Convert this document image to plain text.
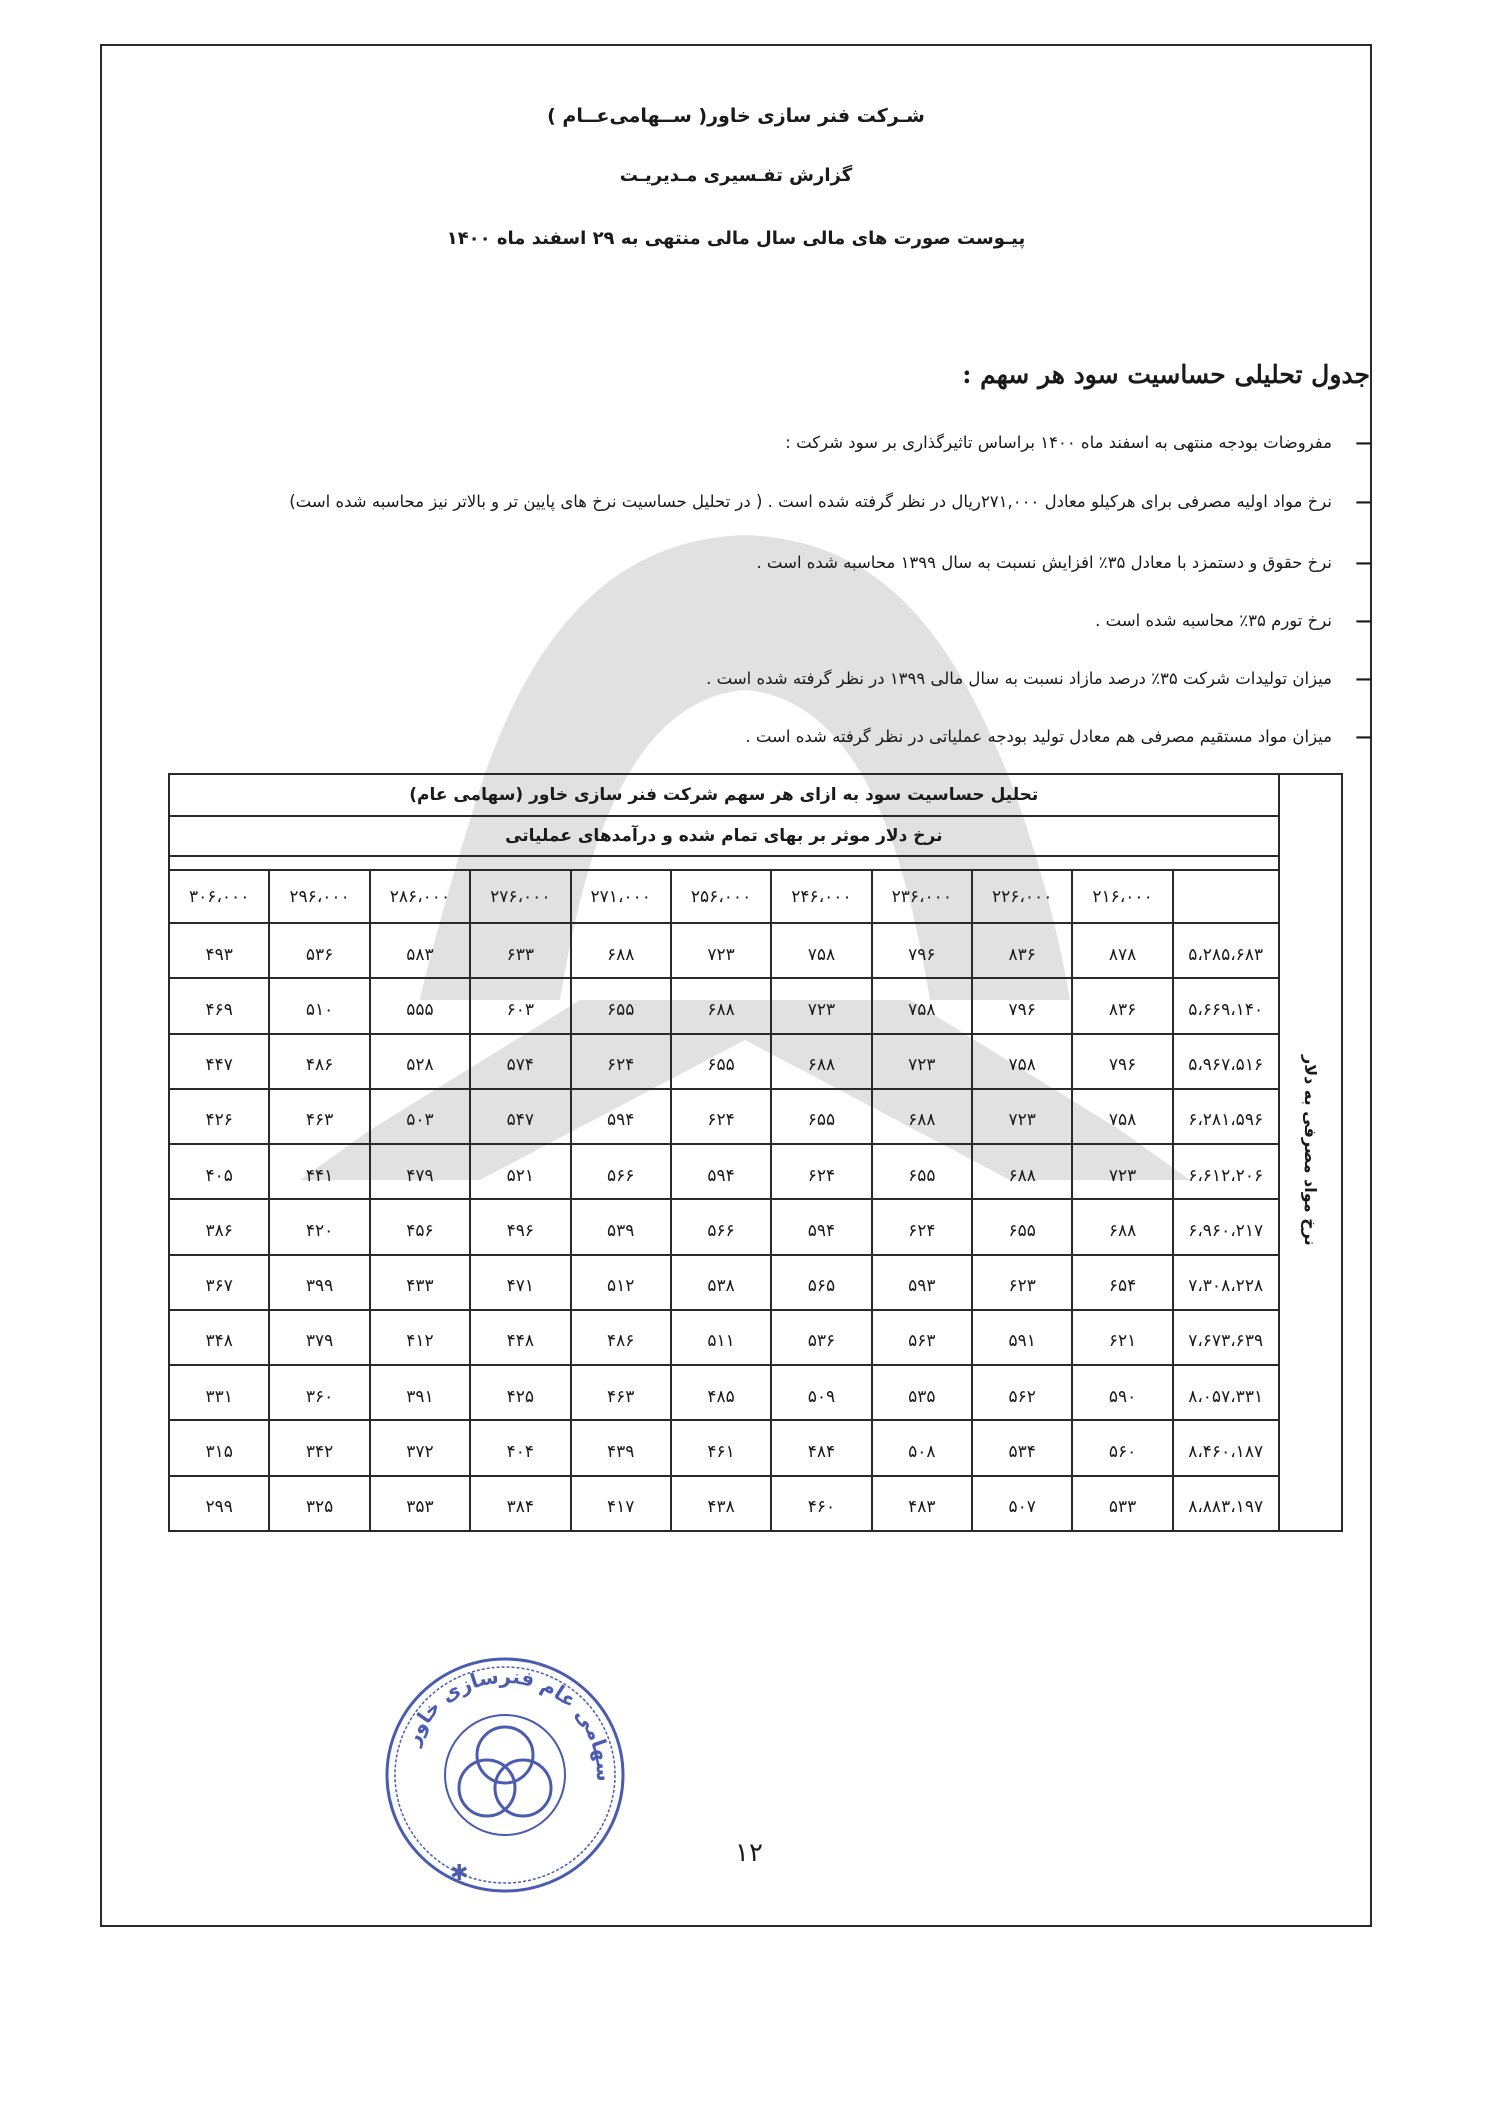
شـرکت فنر سازی خاور( ســهامی‌عــام )
گزارش تفـسیری مـدیریـت
پیـوست صورت های مالی سال مالی منتهی به ۲۹ اسفند ماه ۱۴۰۰
جدول تحلیلی حساسیت سود هر سهم :
—مفروضات بودجه منتهی به اسفند ماه ۱۴۰۰ براساس تاثیرگذاری بر سود شرکت :
—نرخ مواد اولیه مصرفی برای هرکیلو معادل ۲۷۱,۰۰۰ریال در نظر گرفته شده است . ( در تحلیل حساسیت نرخ های پایین تر و بالاتر نیز محاسبه شده است)
—نرخ حقوق و دستمزد با معادل ۳۵٪ افزایش نسبت به سال ۱۳۹۹ محاسبه شده است .
—نرخ تورم ۳۵٪ محاسبه شده است .
—میزان تولیدات شرکت ۳۵٪ درصد مازاد نسبت به سال مالی ۱۳۹۹ در نظر گرفته شده است .
—میزان مواد مستقیم مصرفی هم معادل تولید بودجه عملیاتی در نظر گرفته شده است .
تحلیل حساسیت سود به ازای هر سهم شرکت فنر سازی خاور (سهامی عام)											نرخ مواد مصرفی به دلار
نرخ دلار موثر بر بهای تمام شده و درآمدهای عملیاتی											

۳۰۶،۰۰۰	۲۹۶،۰۰۰	۲۸۶،۰۰۰	۲۷۶،۰۰۰	۲۷۱،۰۰۰	۲۵۶،۰۰۰	۲۴۶،۰۰۰	۲۳۶،۰۰۰	۲۲۶،۰۰۰	۲۱۶،۰۰۰		
۴۹۳	۵۳۶	۵۸۳	۶۳۳	۶۸۸	۷۲۳	۷۵۸	۷۹۶	۸۳۶	۸۷۸	۵،۲۸۵،۶۸۳	
۴۶۹	۵۱۰	۵۵۵	۶۰۳	۶۵۵	۶۸۸	۷۲۳	۷۵۸	۷۹۶	۸۳۶	۵،۶۶۹،۱۴۰	
۴۴۷	۴۸۶	۵۲۸	۵۷۴	۶۲۴	۶۵۵	۶۸۸	۷۲۳	۷۵۸	۷۹۶	۵،۹۶۷،۵۱۶	
۴۲۶	۴۶۳	۵۰۳	۵۴۷	۵۹۴	۶۲۴	۶۵۵	۶۸۸	۷۲۳	۷۵۸	۶،۲۸۱،۵۹۶	
۴۰۵	۴۴۱	۴۷۹	۵۲۱	۵۶۶	۵۹۴	۶۲۴	۶۵۵	۶۸۸	۷۲۳	۶،۶۱۲،۲۰۶	
۳۸۶	۴۲۰	۴۵۶	۴۹۶	۵۳۹	۵۶۶	۵۹۴	۶۲۴	۶۵۵	۶۸۸	۶،۹۶۰،۲۱۷	
۳۶۷	۳۹۹	۴۳۳	۴۷۱	۵۱۲	۵۳۸	۵۶۵	۵۹۳	۶۲۳	۶۵۴	۷،۳۰۸،۲۲۸	
۳۴۸	۳۷۹	۴۱۲	۴۴۸	۴۸۶	۵۱۱	۵۳۶	۵۶۳	۵۹۱	۶۲۱	۷،۶۷۳،۶۳۹	
۳۳۱	۳۶۰	۳۹۱	۴۲۵	۴۶۳	۴۸۵	۵۰۹	۵۳۵	۵۶۲	۵۹۰	۸،۰۵۷،۳۳۱	
۳۱۵	۳۴۲	۳۷۲	۴۰۴	۴۳۹	۴۶۱	۴۸۴	۵۰۸	۵۳۴	۵۶۰	۸،۴۶۰،۱۸۷	
۲۹۹	۳۲۵	۳۵۳	۳۸۴	۴۱۷	۴۳۸	۴۶۰	۴۸۳	۵۰۷	۵۳۳	۸،۸۸۳،۱۹۷	
۱۲
سهامی عام فنرسازی خاور
✱
